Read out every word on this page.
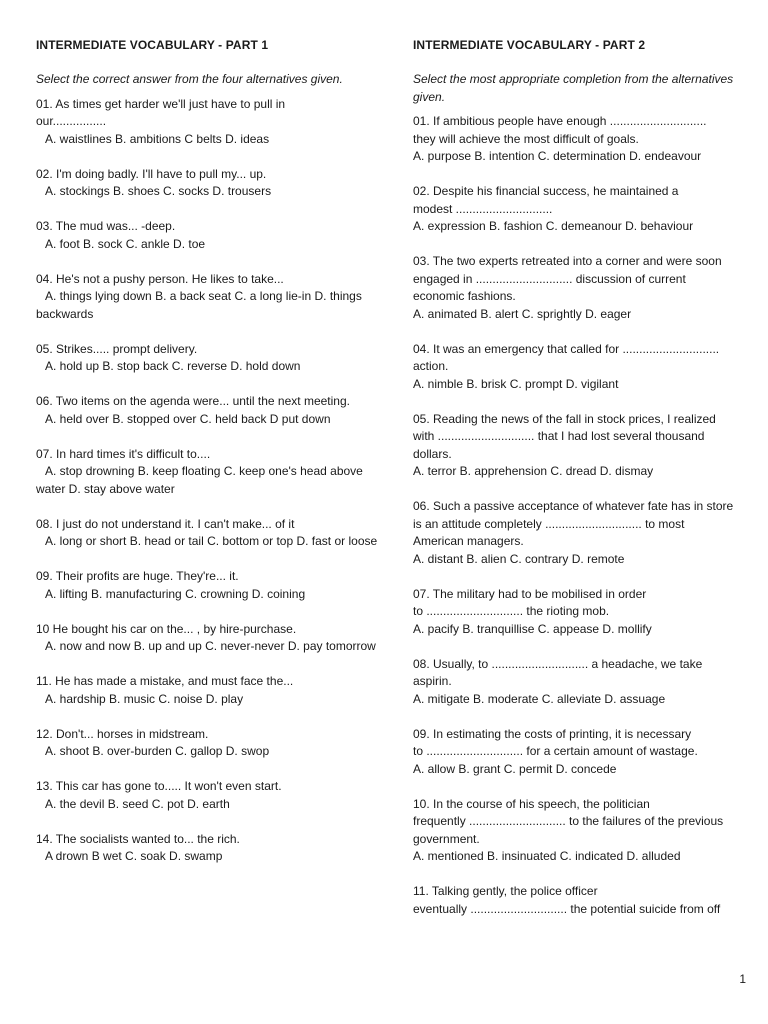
INTERMEDIATE VOCABULARY - PART 1

Select the correct answer from the four alternatives given.

01. As times get harder we'll just have to pull in
our................

A. waistlines B. ambitions C belts D. ideas

02. I'm doing badly. I'll have to pull my... up.

A. stockings B. shoes C. socks D. trousers

03. The mud was... -deep.

A. foot B. sock C. ankle D. toe

04. He's not a pushy person. He likes to take...

A. things lying down B. a back seat C. a long lie-in D. things backwards

05. Strikes..... prompt delivery.

A. hold up B. stop back C. reverse D. hold down

06. Two items on the agenda were... until the next meeting.

A. held over B. stopped over C. held back D put down

07. In hard times it's difficult to....

A. stop drowning B. keep floating C. keep one's head above water D. stay above water

08. I just do not understand it. I can't make... of it

A. long or short B. head or tail C. bottom or top D. fast or loose

09. Their profits are huge. They're... it.

A. lifting B. manufacturing C. crowning D. coining

10 He bought his car on the... , by hire-purchase.

A. now and now B. up and up C. never-never D. pay tomorrow

11. He has made a mistake, and must face the...

A. hardship B. music C. noise D. play

12. Don't... horses in midstream.

A. shoot B. over-burden C. gallop D. swop

13. This car has gone to..... It won't even start.

A. the devil B. seed C. pot D. earth

14. The socialists wanted to... the rich.

A drown B wet C. soak D. swamp

INTERMEDIATE VOCABULARY - PART 2

Select the most appropriate completion from the alternatives given.

01. If ambitious people have enough .............................
they will achieve the most difficult of goals.

A. purpose B. intention C. determination D. endeavour

02. Despite his financial success, he maintained a
modest .............................

A. expression B. fashion C. demeanour D. behaviour

03. The two experts retreated into a corner and were soon
engaged in ............................. discussion of current
economic fashions.

A. animated B. alert C. sprightly D. eager

04. It was an emergency that called for .............................
action.

A. nimble B. brisk C. prompt D. vigilant

05. Reading the news of the fall in stock prices, I realized
with ............................. that I had lost several thousand
dollars.

A. terror B. apprehension C. dread D. dismay

06. Such a passive acceptance of whatever fate has in store
is an attitude completely ............................. to most
American managers.

A. distant B. alien C. contrary D. remote

07. The military had to be mobilised in order
to ............................. the rioting mob.

A. pacify B. tranquillise C. appease D. mollify

08. Usually, to ............................. a headache, we take
aspirin.

A. mitigate B. moderate C. alleviate D. assuage

09. In estimating the costs of printing, it is necessary
to ............................. for a certain amount of wastage.

A. allow B. grant C. permit D. concede

10. In the course of his speech, the politician
frequently ............................. to the failures of the previous
government.

A. mentioned B. insinuated C. indicated D. alluded

11. Talking gently, the police officer
eventually ............................. the potential suicide from off

1
